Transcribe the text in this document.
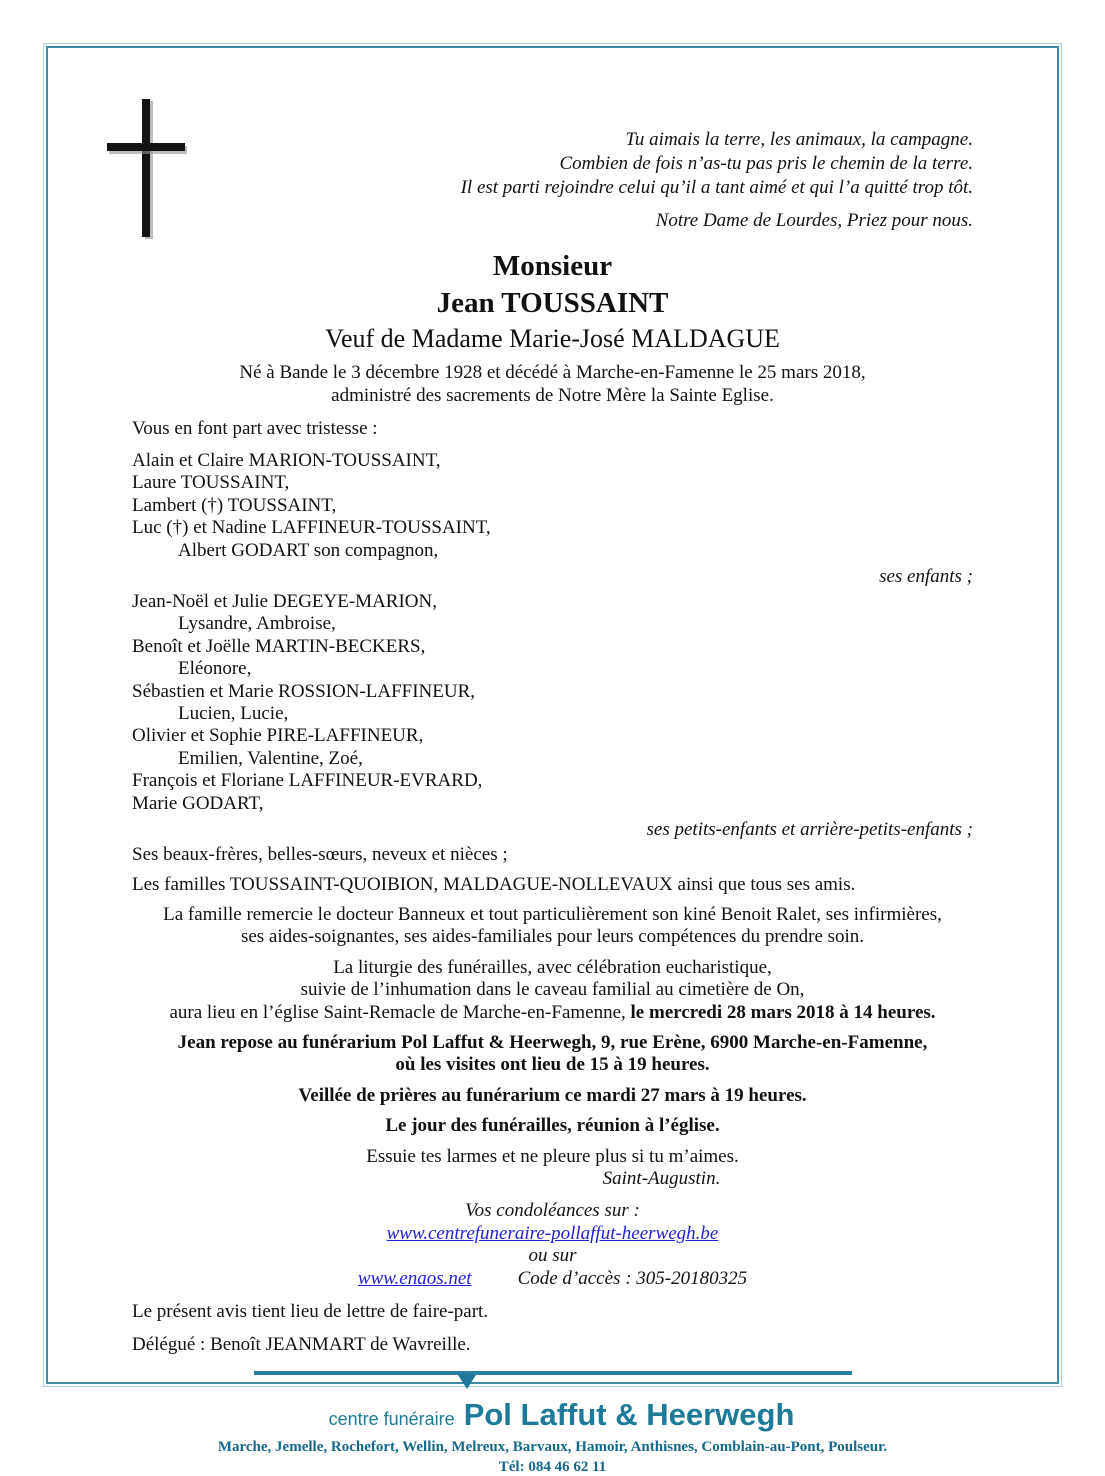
Tu aimais la terre, les animaux, la campagne.
Combien de fois n’as-tu pas pris le chemin de la terre.
Il est parti rejoindre celui qu’il a tant aimé et qui l’a quitté trop tôt.
Notre Dame de Lourdes, Priez pour nous.
Monsieur
Jean TOUSSAINT
Veuf de Madame Marie-José MALDAGUE
Né à Bande le 3 décembre 1928 et décédé à Marche-en-Famenne le 25 mars 2018,
administré des sacrements de Notre Mère la Sainte Eglise.
Vous en font part avec tristesse :
Alain et Claire MARION-TOUSSAINT,
Laure TOUSSAINT,
Lambert (†) TOUSSAINT,
Luc (†) et Nadine LAFFINEUR-TOUSSAINT,
Albert GODART son compagnon,
ses enfants ;
Jean-Noël et Julie DEGEYE-MARION,
Lysandre, Ambroise,
Benoît et Joëlle MARTIN-BECKERS,
Eléonore,
Sébastien et Marie ROSSION-LAFFINEUR,
Lucien, Lucie,
Olivier et Sophie PIRE-LAFFINEUR,
Emilien, Valentine, Zoé,
François et Floriane LAFFINEUR-EVRARD,
Marie GODART,
ses petits-enfants et arrière-petits-enfants ;
Ses beaux-frères, belles-sœurs, neveux et nièces ;
Les familles TOUSSAINT-QUOIBION, MALDAGUE-NOLLEVAUX ainsi que tous ses amis.
La famille remercie le docteur Banneux et tout particulièrement son kiné Benoit Ralet, ses infirmières,
ses aides-soignantes, ses aides-familiales pour leurs compétences du prendre soin.
La liturgie des funérailles, avec célébration eucharistique,
suivie de l’inhumation dans le caveau familial au cimetière de On,
aura lieu en l’église Saint-Remacle de Marche-en-Famenne, le mercredi 28 mars 2018 à 14 heures.
Jean repose au funérarium Pol Laffut & Heerwegh, 9, rue Erène, 6900 Marche-en-Famenne,
où les visites ont lieu de 15 à 19 heures.
Veillée de prières au funérarium ce mardi 27 mars à 19 heures.
Le jour des funérailles, réunion à l’église.
Essuie tes larmes et ne pleure plus si tu m’aimes.
Saint-Augustin.
Vos condoléances sur :
www.centrefuneraire-pollaffut-heerwegh.be
ou sur
www.enaos.net Code d’accès : 305-20180325
Le présent avis tient lieu de lettre de faire-part.
Délégué : Benoît JEANMART de Wavreille.
centre funéraire Pol Laffut & Heerwegh
Marche, Jemelle, Rochefort, Wellin, Melreux, Barvaux, Hamoir, Anthisnes, Comblain-au-Pont, Poulseur.
Tél: 084 46 62 11
